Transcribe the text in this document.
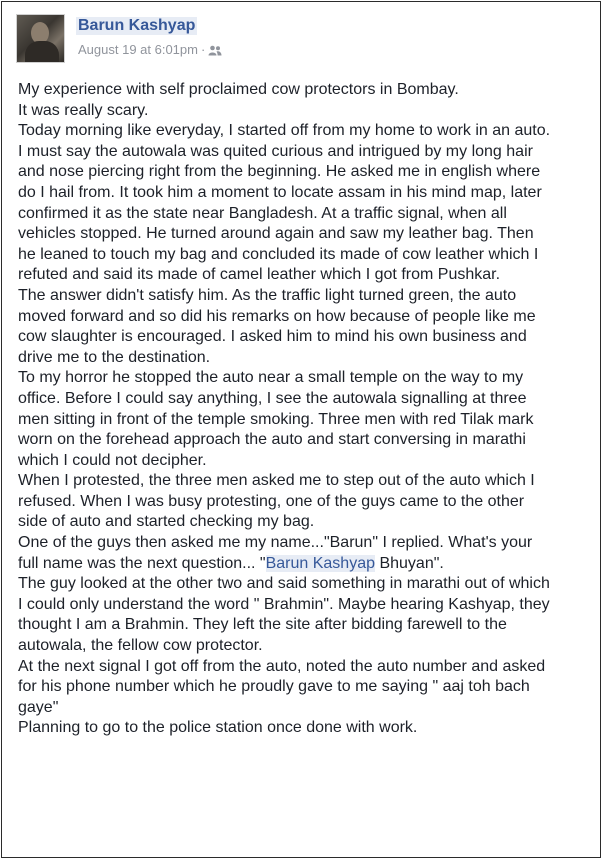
Barun Kashyap
August 19 at 6:01pm ·

My experience with self proclaimed cow protectors in Bombay.

It was really scary.

Today morning like everyday, I started off from my home to work in an auto.

I must say the autowala was quited curious and intrigued by my long hair

and nose piercing right from the beginning. He asked me in english where

do I hail from. It took him a moment to locate assam in his mind map, later

confirmed it as the state near Bangladesh. At a traffic signal, when all

vehicles stopped. He turned around again and saw my leather bag. Then

he leaned to touch my bag and concluded its made of cow leather which I

refuted and said its made of camel leather which I got from Pushkar.

The answer didn't satisfy him. As the traffic light turned green, the auto

moved forward and so did his remarks on how because of people like me

cow slaughter is encouraged. I asked him to mind his own business and

drive me to the destination.

To my horror he stopped the auto near a small temple on the way to my

office. Before I could say anything, I see the autowala signalling at three

men sitting in front of the temple smoking. Three men with red Tilak mark

worn on the forehead approach the auto and start conversing in marathi

which I could not decipher.

When I protested, the three men asked me to step out of the auto which I

refused. When I was busy protesting, one of the guys came to the other

side of auto and started checking my bag.

One of the guys then asked me my name..."Barun" I replied. What's your

full name was the next question... "Barun Kashyap Bhuyan".

The guy looked at the other two and said something in marathi out of which

I could only understand the word " Brahmin". Maybe hearing Kashyap, they

thought I am a Brahmin. They left the site after bidding farewell to the

autowala, the fellow cow protector.

At the next signal I got off from the auto, noted the auto number and asked

for his phone number which he proudly gave to me saying " aaj toh bach

gaye"

Planning to go to the police station once done with work.
